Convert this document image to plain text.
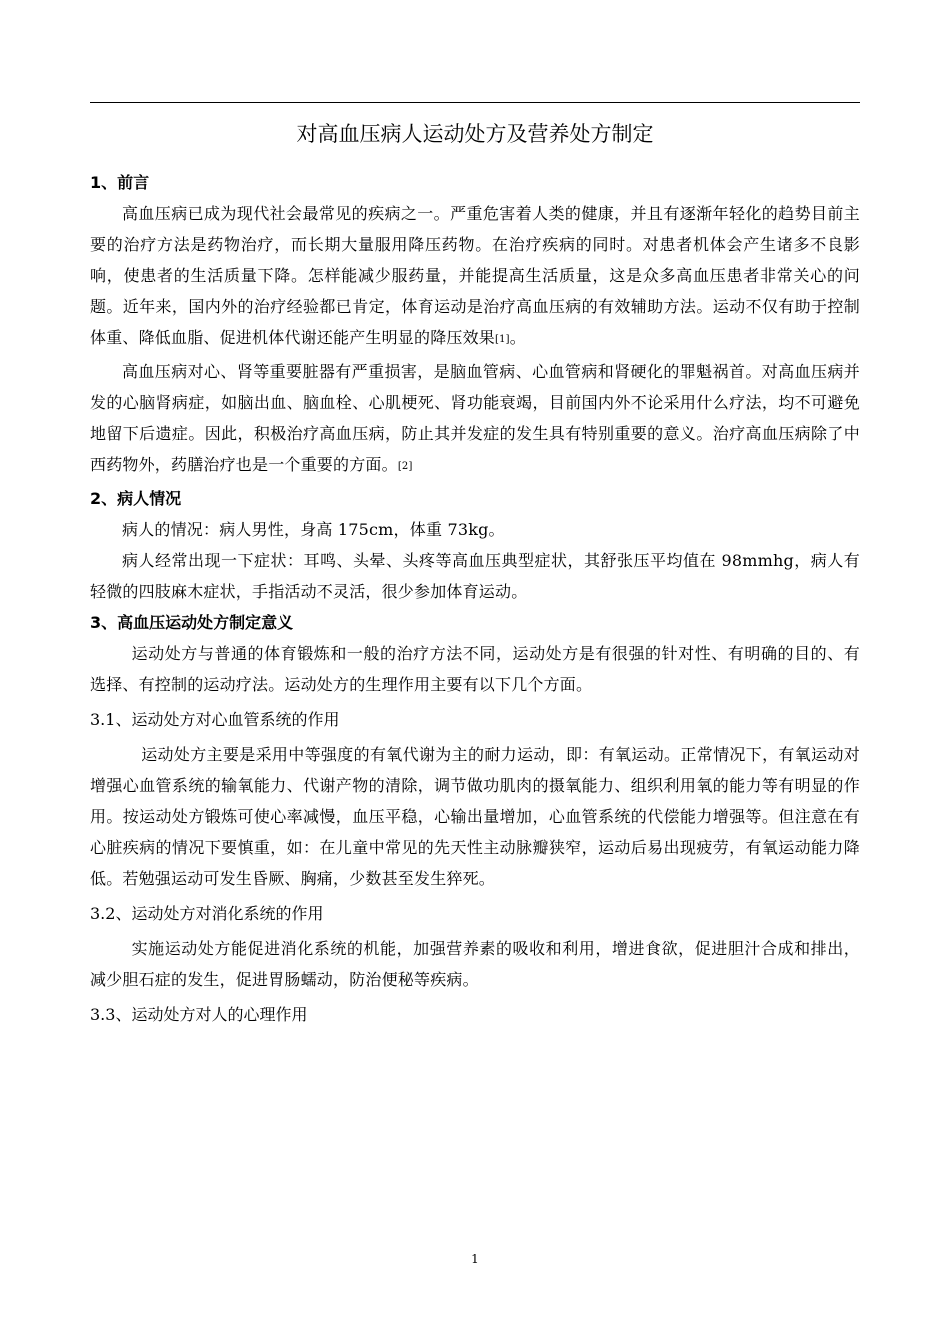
对高血压病人运动处方及营养处方制定
1、前言

高血压病已成为现代社会最常见的疾病之一。严重危害着人类的健康，并且有逐渐年轻化的趋势目前主要的治疗方法是药物治疗，而长期大量服用降压药物。在治疗疾病的同时。对患者机体会产生诸多不良影响，使患者的生活质量下降。怎样能减少服药量，并能提高生活质量，这是众多高血压患者非常关心的问题。近年来，国内外的治疗经验都已肯定，体育运动是治疗高血压病的有效辅助方法。运动不仅有助于控制体重、降低血脂、促进机体代谢还能产生明显的降压效果[1]。

高血压病对心、肾等重要脏器有严重损害，是脑血管病、心血管病和肾硬化的罪魁祸首。对高血压病并发的心脑肾病症，如脑出血、脑血栓、心肌梗死、肾功能衰竭，目前国内外不论采用什么疗法，均不可避免地留下后遗症。因此，积极治疗高血压病，防止其并发症的发生具有特别重要的意义。治疗高血压病除了中西药物外，药膳治疗也是一个重要的方面。[2]

2、病人情况

病人的情况：病人男性，身高 175cm，体重 73kg。

病人经常出现一下症状：耳鸣、头晕、头疼等高血压典型症状，其舒张压平均值在 98mmhg，病人有轻微的四肢麻木症状，手指活动不灵活，很少参加体育运动。

3、高血压运动处方制定意义

运动处方与普通的体育锻炼和一般的治疗方法不同，运动处方是有很强的针对性、有明确的目的、有选择、有控制的运动疗法。运动处方的生理作用主要有以下几个方面。

3.1、运动处方对心血管系统的作用

运动处方主要是采用中等强度的有氧代谢为主的耐力运动，即：有氧运动。正常情况下，有氧运动对增强心血管系统的输氧能力、代谢产物的清除，调节做功肌肉的摄氧能力、组织利用氧的能力等有明显的作用。按运动处方锻炼可使心率减慢，血压平稳，心输出量增加，心血管系统的代偿能力增强等。但注意在有心脏疾病的情况下要慎重，如：在儿童中常见的先天性主动脉瓣狭窄，运动后易出现疲劳，有氧运动能力降低。若勉强运动可发生昏厥、胸痛，少数甚至发生猝死。

3.2、运动处方对消化系统的作用

实施运动处方能促进消化系统的机能，加强营养素的吸收和利用，增进食欲，促进胆汁合成和排出，减少胆石症的发生，促进胃肠蠕动，防治便秘等疾病。

3.3、运动处方对人的心理作用
1
